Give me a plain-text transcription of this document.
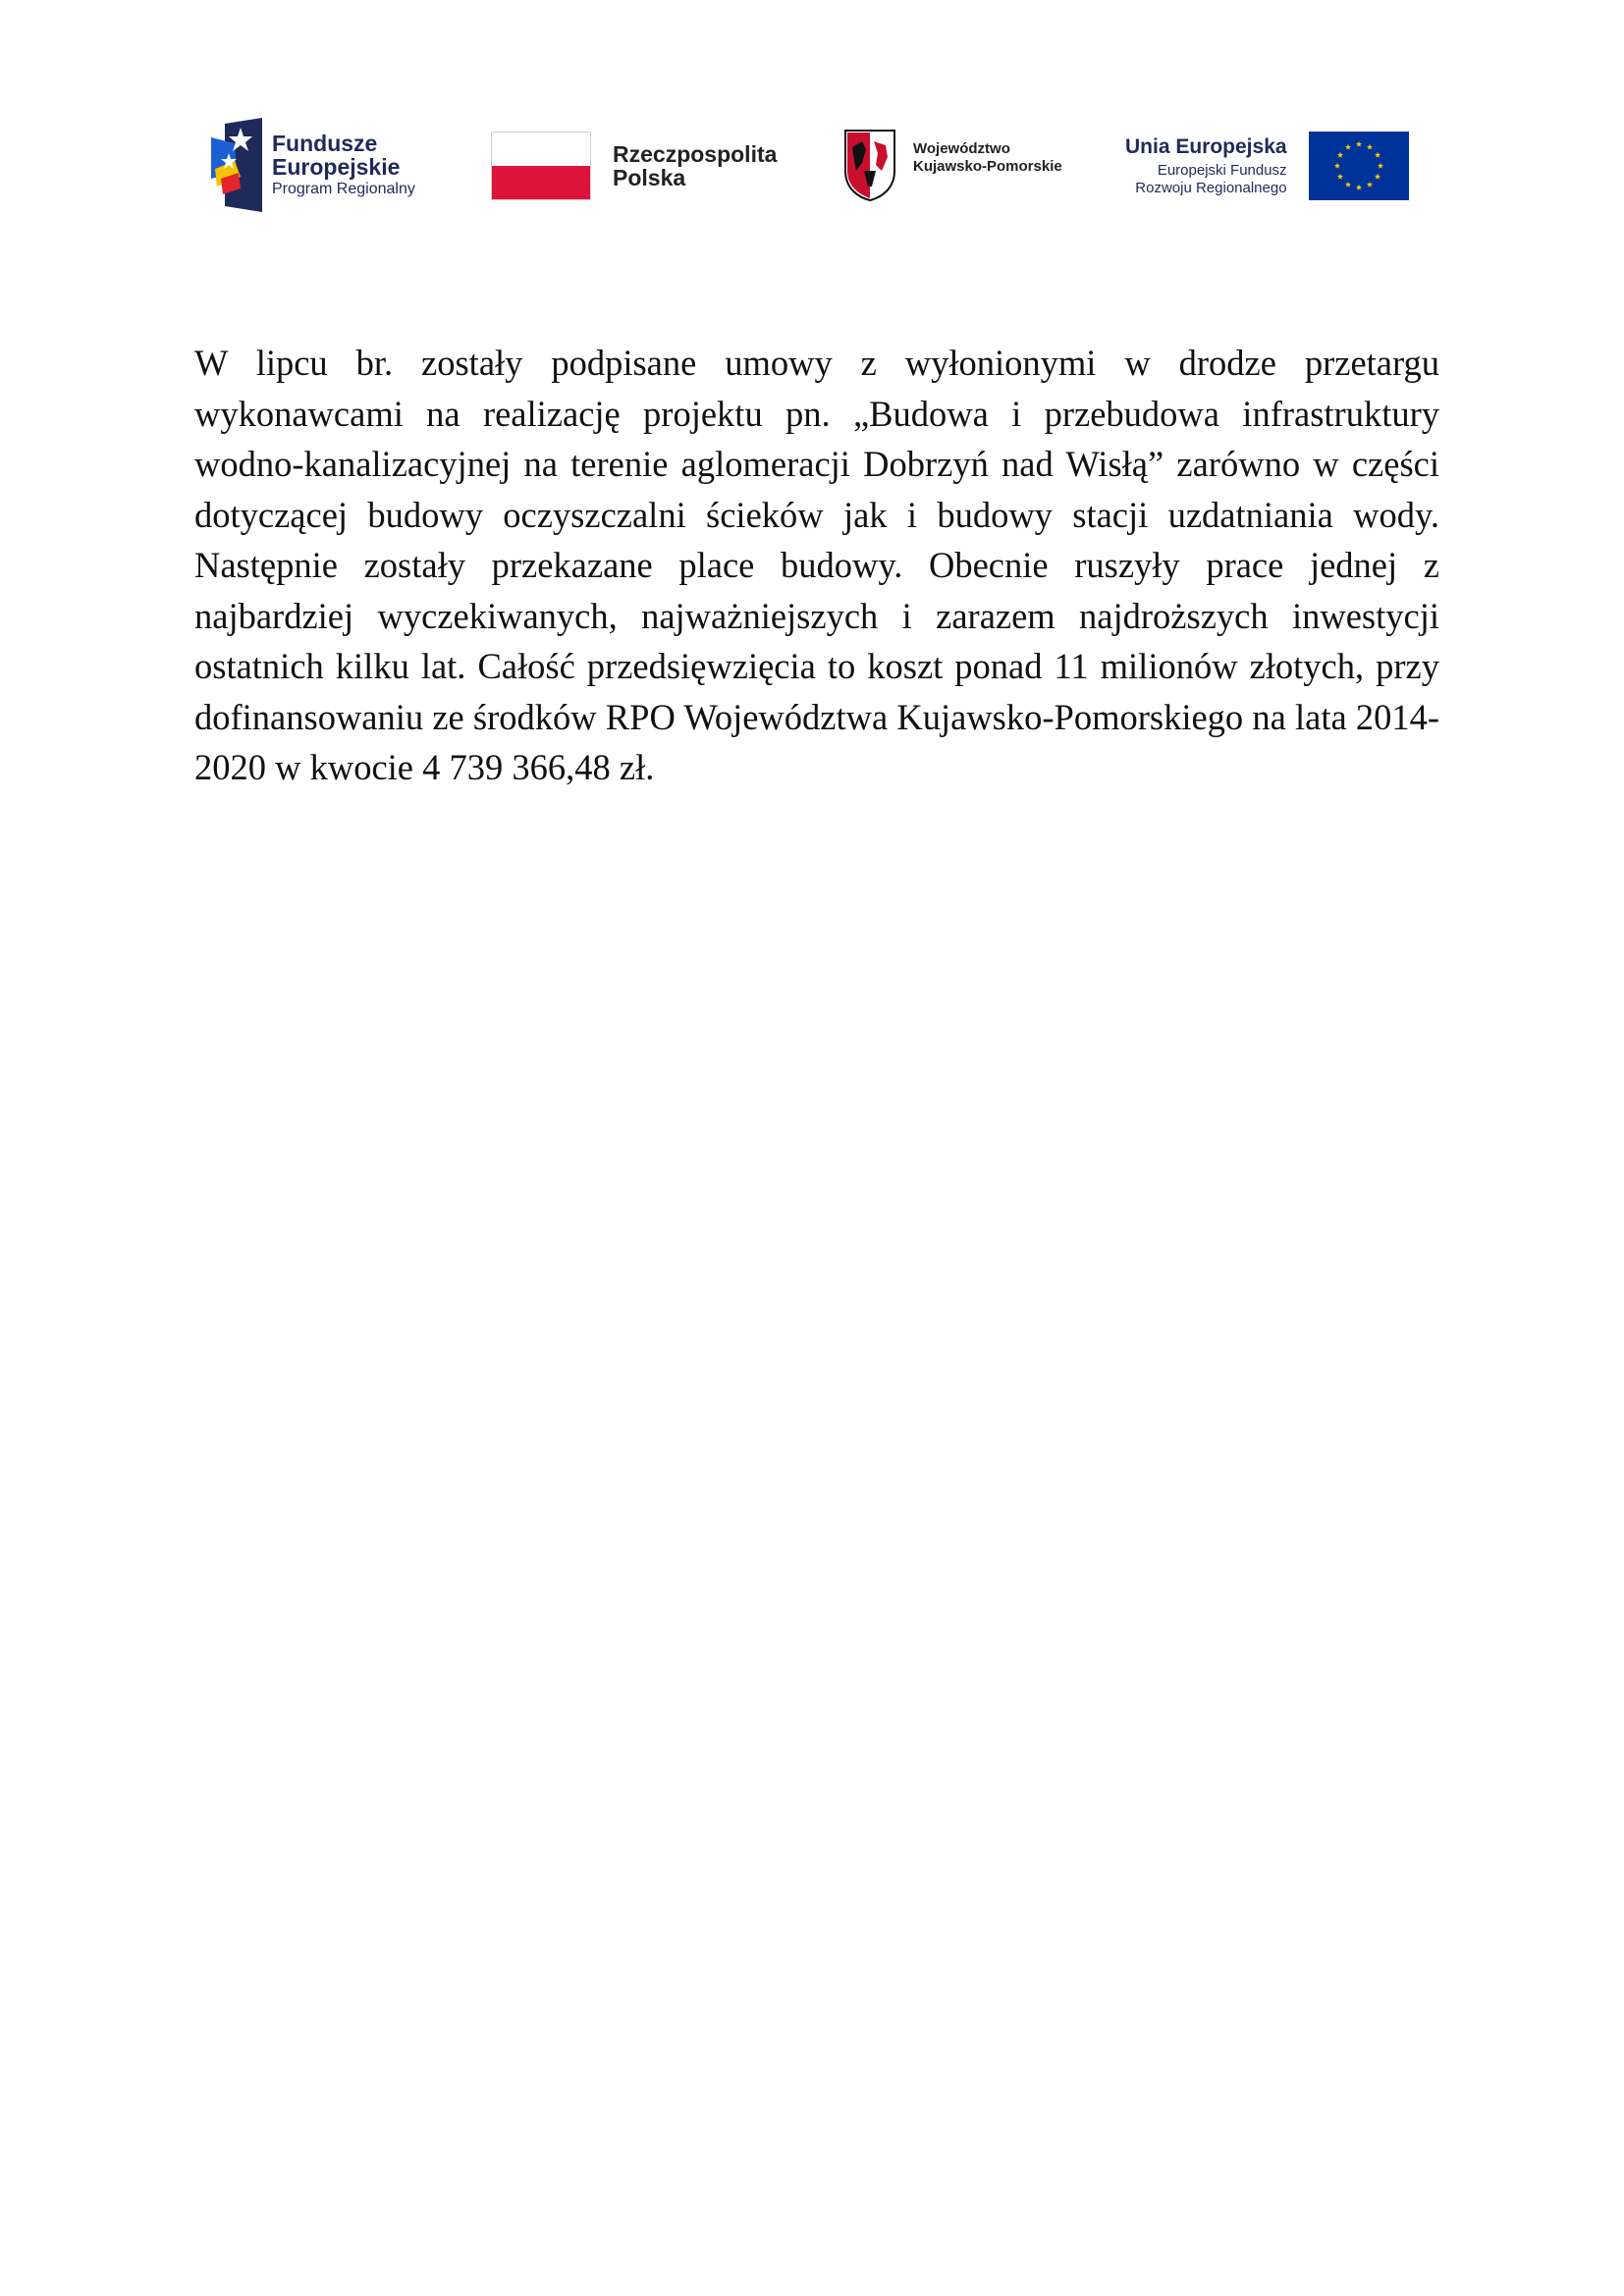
Fundusze
Europejskie
Program Regionalny
Rzeczpospolita
Polska
Województwo
Kujawsko-Pomorskie
Unia Europejska
Europejski Fundusz
Rozwoju Regionalnego

W lipcu br. zostały podpisane umowy z wyłonionymi w drodze przetargu wykonawcami na realizację projektu pn. „Budowa i przebudowa infrastruktury wodno-kanalizacyjnej na terenie aglomeracji Dobrzyń nad Wisłą” zarówno w części dotyczącej budowy oczyszczalni ścieków jak i budowy stacji uzdatniania wody. Następnie zostały przekazane place budowy. Obecnie ruszyły prace jednej z najbardziej wyczekiwanych, najważniejszych i zarazem najdroższych inwestycji ostatnich kilku lat. Całość przedsięwzięcia to koszt ponad 11 milionów złotych, przy dofinansowaniu ze środków RPO Województwa Kujawsko-Pomorskiego na lata 2014-2020 w kwocie 4 739 366,48 zł.
